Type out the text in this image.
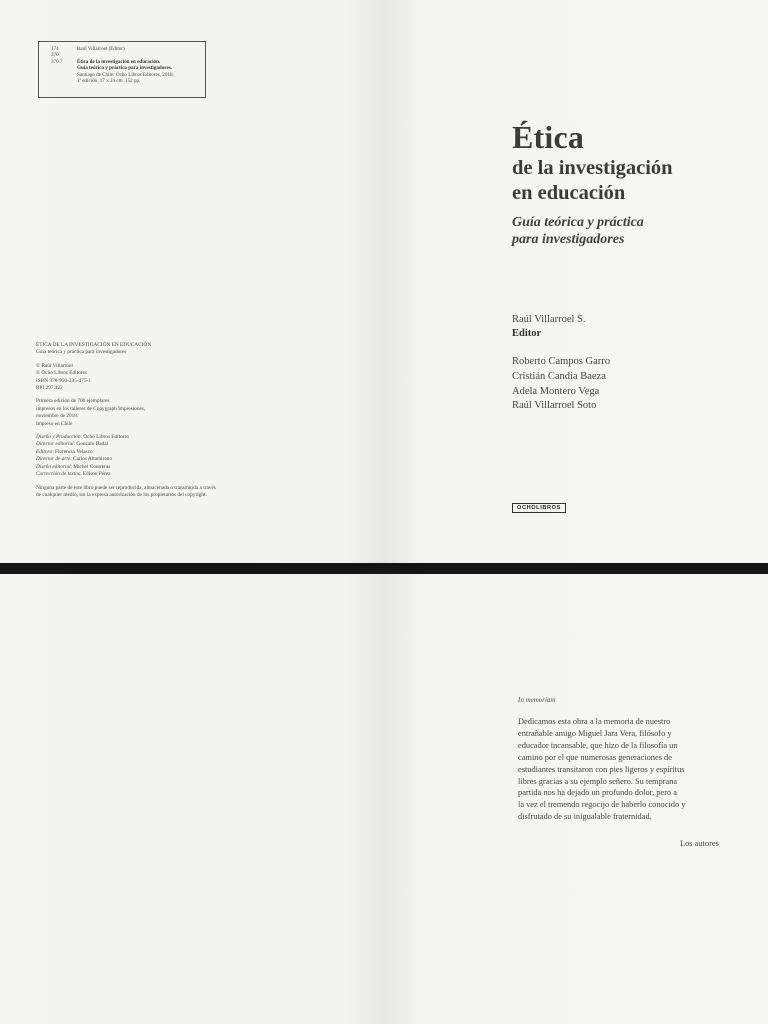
174	Raúl Villarroel (Editor)
370
370.7	Ética de la investigación en educación.
Guía teórica y práctica para investigadores.
Santiago de Chile: Ocho Libros Editores, 2018,
1ª edición. 17 x 24 cm. 152 pp.
ÉTICA DE LA INVESTIGACIÓN EN EDUCACIÓN
Guía teórica y práctica para investigadores
© Raúl Villarroel
© Ocho Libros Editores
ISBN 978-956-335-475-1
RPI 297.422
Primera edición de 700 ejemplares
impresos en los talleres de Copygraph Impresiones,
noviembre de 2018.
Impreso en Chile
Diseño y Producción: Ocho Libros Editores
Director editorial: Gonzalo Badal
Editora: Florencia Velasco
Director de arte: Carlos Altamirano
Diseño editorial: Michel Contreras
Corrección de textos: Edison Pérez
Ninguna parte de este libro puede ser reproducida, almacenada o transmitida a través
de cualquier medio, sin la expresa autorización de los propietarios del copyright.
Ética
de la investigación
en educación
Guía teórica y práctica
para investigadores
Raúl Villarroel S.
Editor
Roberto Campos Garro
Cristián Candia Baeza
Adela Montero Vega
Raúl Villarroel Soto
OCHOLIBROS
In memoriam
Dedicamos esta obra a la memoria de nuestro
entrañable amigo Miguel Jara Vera, filósofo y
educador incansable, que hizo de la filosofía un
camino por el que numerosas generaciones de
estudiantes transitaron con pies ligeros y espíritus
libres gracias a su ejemplo señero. Su temprana
partida nos ha dejado un profundo dolor, pero a
la vez el tremendo regocijo de haberlo conocido y
disfrutado de su inigualable fraternidad.
Los autores
